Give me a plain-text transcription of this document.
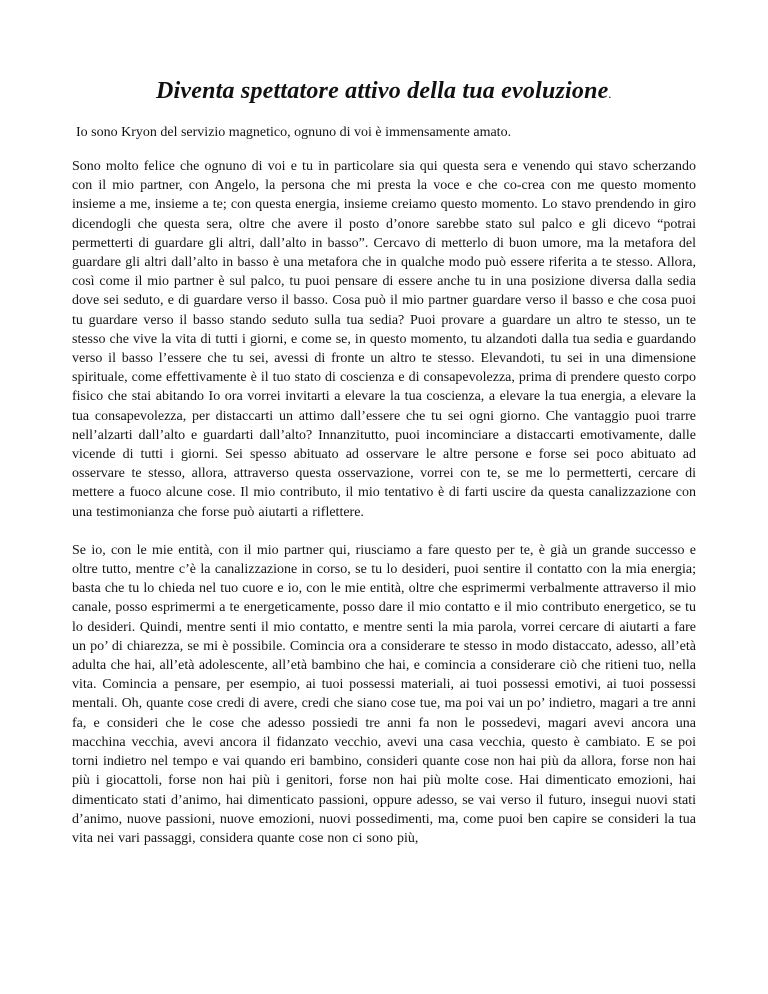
Diventa spettatore attivo della tua evoluzione.

Io sono Kryon del servizio magnetico, ognuno di voi è immensamente amato.

Sono molto felice che ognuno di voi e tu in particolare sia qui questa sera e venendo qui stavo scherzando con il mio partner, con Angelo, la persona che mi presta la voce e che co-crea con me questo momento insieme a me, insieme a te; con questa energia, insieme creiamo questo momento. Lo stavo prendendo in giro dicendogli che questa sera, oltre che avere il posto d’onore sarebbe stato sul palco e gli dicevo “potrai permetterti di guardare gli altri, dall’alto in basso”. Cercavo di metterlo di buon umore, ma la metafora del guardare gli altri dall’alto in basso è una metafora che in qualche modo può essere riferita a te stesso. Allora, così come il mio partner è sul palco, tu puoi pensare di essere anche tu in una posizione diversa dalla sedia dove sei seduto, e di guardare verso il basso. Cosa può il mio partner guardare verso il basso e che cosa puoi tu guardare verso il basso stando seduto sulla tua sedia? Puoi provare a guardare un altro te stesso, un te stesso che vive la vita di tutti i giorni, e come se, in questo momento, tu alzandoti dalla tua sedia e guardando verso il basso l’essere che tu sei, avessi di fronte un altro te stesso. Elevandoti, tu sei in una dimensione spirituale, come effettivamente è il tuo stato di coscienza e di consapevolezza, prima di prendere questo corpo fisico che stai abitando Io ora vorrei invitarti a elevare la tua coscienza, a elevare la tua energia, a elevare la tua consapevolezza, per distaccarti un attimo dall’essere che tu sei ogni giorno. Che vantaggio puoi trarre nell’alzarti dall’alto e guardarti dall’alto? Innanzitutto, puoi incominciare a distaccarti emotivamente, dalle vicende di tutti i giorni. Sei spesso abituato ad osservare le altre persone e forse sei poco abituato ad osservare te stesso, allora, attraverso questa osservazione, vorrei con te, se me lo permetterti, cercare di mettere a fuoco alcune cose. Il mio contributo, il mio tentativo è di farti uscire da questa canalizzazione con una testimonianza che forse può aiutarti a riflettere.

Se io, con le mie entità, con il mio partner qui, riusciamo a fare questo per te, è già un grande successo e oltre tutto, mentre c’è la canalizzazione in corso, se tu lo desideri, puoi sentire il contatto con la mia energia; basta che tu lo chieda nel tuo cuore e io, con le mie entità, oltre che esprimermi verbalmente attraverso il mio canale, posso esprimermi a te energeticamente, posso dare il mio contatto e il mio contributo energetico, se tu lo desideri. Quindi, mentre senti il mio contatto, e mentre senti la mia parola, vorrei cercare di aiutarti a fare un po’ di chiarezza, se mi è possibile. Comincia ora a considerare te stesso in modo distaccato, adesso, all’età adulta che hai, all’età adolescente, all’età bambino che hai, e comincia a considerare ciò che ritieni tuo, nella vita. Comincia a pensare, per esempio, ai tuoi possessi materiali, ai tuoi possessi emotivi, ai tuoi possessi mentali. Oh, quante cose credi di avere, credi che siano cose tue, ma poi vai un po’ indietro, magari a tre anni fa, e consideri che le cose che adesso possiedi tre anni fa non le possedevi, magari avevi ancora una macchina vecchia, avevi ancora il fidanzato vecchio, avevi una casa vecchia, questo è cambiato. E se poi torni indietro nel tempo e vai quando eri bambino, consideri quante cose non hai più da allora, forse non hai più i giocattoli, forse non hai più i genitori, forse non hai più molte cose. Hai dimenticato emozioni, hai dimenticato stati d’animo, hai dimenticato passioni, oppure adesso, se vai verso il futuro, insegui nuovi stati d’animo, nuove passioni, nuove emozioni, nuovi possedimenti, ma, come puoi ben capire se consideri la tua vita nei vari passaggi, considera quante cose non ci sono più,
